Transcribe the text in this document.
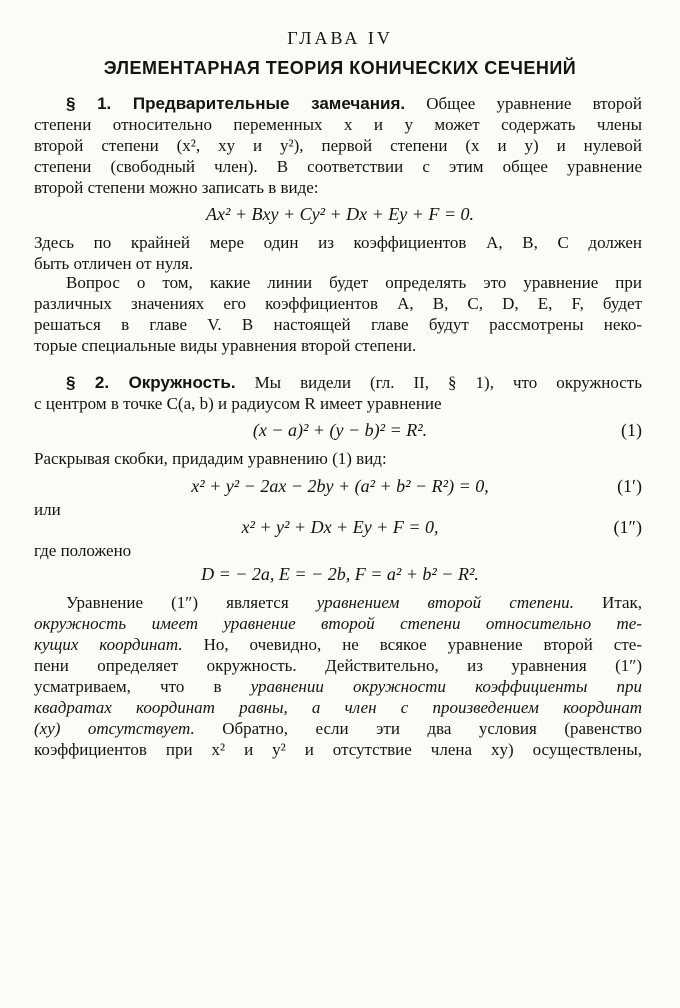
ГЛАВА IV
ЭЛЕМЕНТАРНАЯ ТЕОРИЯ КОНИЧЕСКИХ СЕЧЕНИЙ
§ 1. Предварительные замечания. Общее уравнение второй
степени относительно переменных x и y может содержать члены
второй степени (x², xy и y²), первой степени (x и y) и нулевой
степени (свободный член). В соответствии с этим общее уравнение
второй степени можно записать в виде:
Ax² + Bxy + Cy² + Dx + Ey + F = 0.
Здесь по крайней мере один из коэффициентов A, B, C должен
быть отличен от нуля.
Вопрос о том, какие линии будет определять это уравнение при
различных значениях его коэффициентов A, B, C, D, E, F, будет
решаться в главе V. В настоящей главе будут рассмотрены неко-
торые специальные виды уравнения второй степени.
§ 2. Окружность. Мы видели (гл. II, § 1), что окружность
с центром в точке C(a, b) и радиусом R имеет уравнение
(x − a)² + (y − b)² = R².	(1)
Раскрывая скобки, придадим уравнению (1) вид:
x² + y² − 2ax − 2by + (a² + b² − R²) = 0,	(1′)
или
x² + y² + Dx + Ey + F = 0,	(1″)
где положено
D = − 2a, E = − 2b, F = a² + b² − R².
Уравнение (1″) является уравнением второй степени. Итак,
окружность имеет уравнение второй степени относительно те-
кущих координат. Но, очевидно, не всякое уравнение второй сте-
пени определяет окружность. Действительно, из уравнения (1″)
усматриваем, что в уравнении окружности коэффициенты при
квадратах координат равны, а член с произведением координат
(xy) отсутствует. Обратно, если эти два условия (равенство
коэффициентов при x² и y² и отсутствие члена xy) осуществлены,
